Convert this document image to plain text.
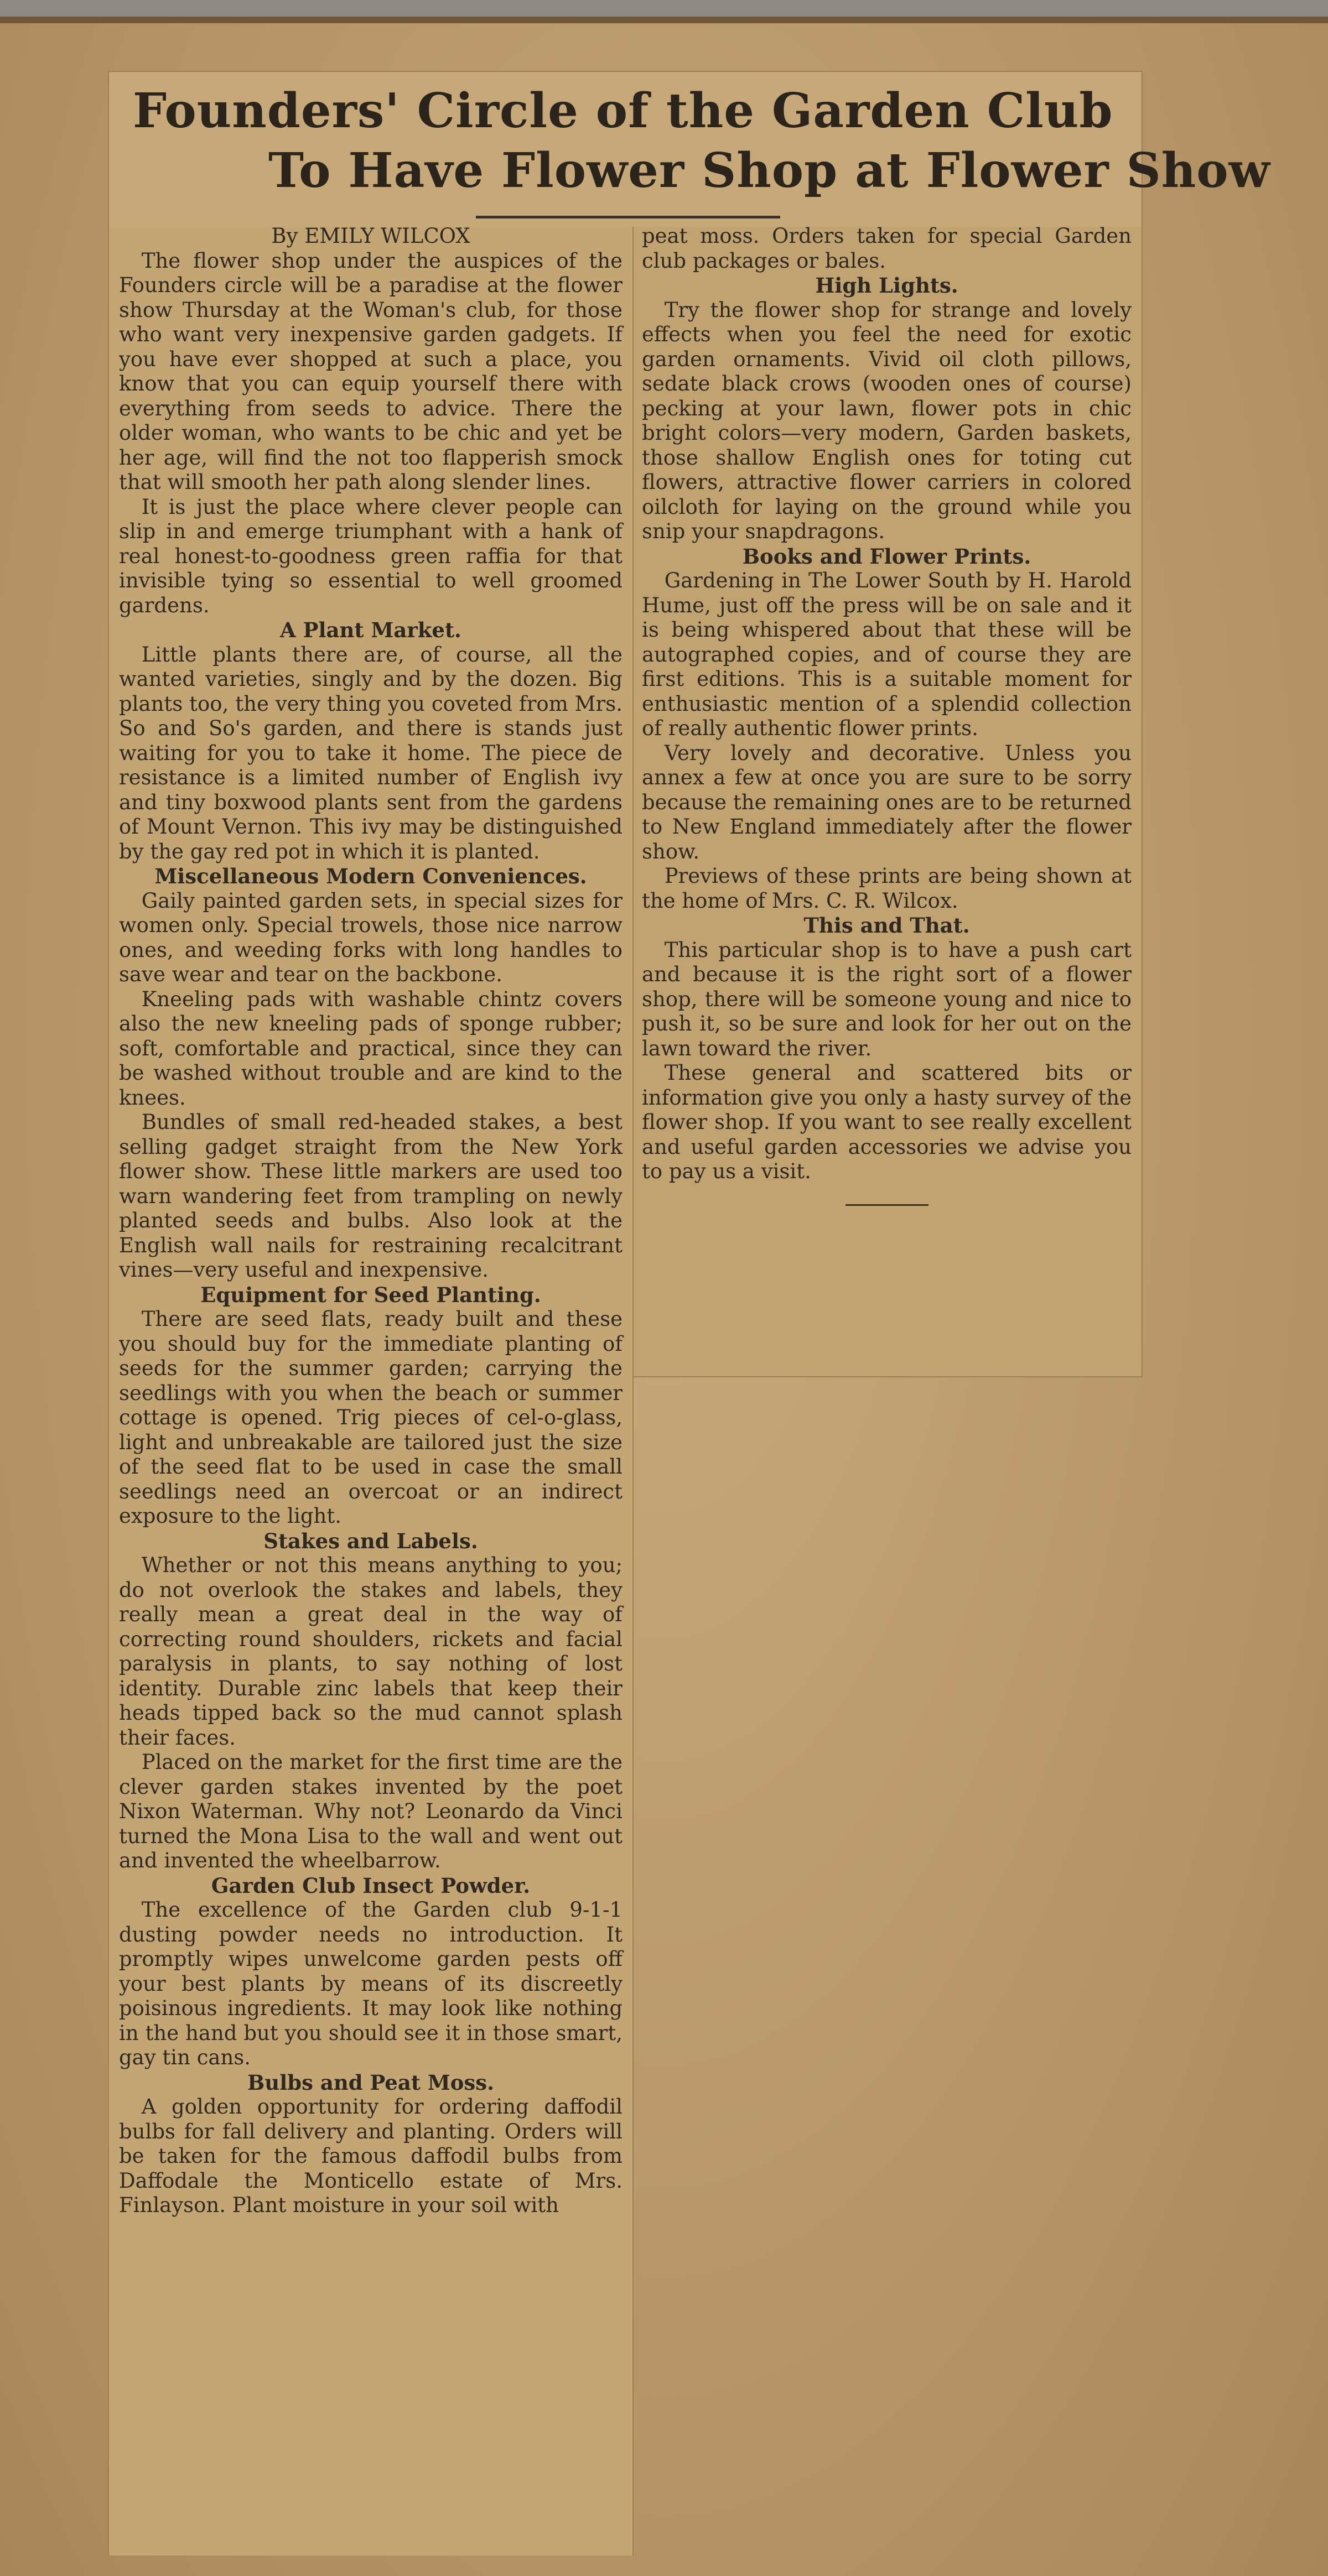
Founders' Circle of the Garden Club
To Have Flower Shop at Flower Show
By EMILY WILCOX

The flower shop under the auspices of the Founders circle will be a paradise at the flower show Thursday at the Woman's club, for those who want very inexpensive garden gadgets. If you have ever shopped at such a place, you know that you can equip yourself there with everything from seeds to advice. There the older woman, who wants to be chic and yet be her age, will find the not too flapperish smock that will smooth her path along slender lines.

It is just the place where clever people can slip in and emerge triumphant with a hank of real honest-to-goodness green raffia for that invisible tying so essential to well groomed gardens.

A Plant Market.

Little plants there are, of course, all the wanted varieties, singly and by the dozen. Big plants too, the very thing you coveted from Mrs. So and So's garden, and there is stands just waiting for you to take it home. The piece de resistance is a limited number of English ivy and tiny boxwood plants sent from the gardens of Mount Vernon. This ivy may be distinguished by the gay red pot in which it is planted.

Miscellaneous Modern Conveniences.

Gaily painted garden sets, in special sizes for women only. Special trowels, those nice narrow ones, and weeding forks with long handles to save wear and tear on the backbone.

Kneeling pads with washable chintz covers also the new kneeling pads of sponge rubber; soft, comfortable and practical, since they can be washed without trouble and are kind to the knees.

Bundles of small red-headed stakes, a best selling gadget straight from the New York flower show. These little markers are used too warn wandering feet from trampling on newly planted seeds and bulbs. Also look at the English wall nails for restraining recalcitrant vines—very useful and inexpensive.

Equipment for Seed Planting.

There are seed flats, ready built and these you should buy for the immediate planting of seeds for the summer garden; carrying the seedlings with you when the beach or summer cottage is opened. Trig pieces of cel-o-glass, light and unbreakable are tailored just the size of the seed flat to be used in case the small seedlings need an overcoat or an indirect exposure to the light.

Stakes and Labels.

Whether or not this means anything to you; do not overlook the stakes and labels, they really mean a great deal in the way of correcting round shoulders, rickets and facial paralysis in plants, to say nothing of lost identity. Durable zinc labels that keep their heads tipped back so the mud cannot splash their faces.

Placed on the market for the first time are the clever garden stakes invented by the poet Nixon Waterman. Why not? Leonardo da Vinci turned the Mona Lisa to the wall and went out and invented the wheelbarrow.

Garden Club Insect Powder.

The excellence of the Garden club 9-1-1 dusting powder needs no introduction. It promptly wipes unwelcome garden pests off your best plants by means of its discreetly poisinous ingredients. It may look like nothing in the hand but you should see it in those smart, gay tin cans.

Bulbs and Peat Moss.

A golden opportunity for ordering daffodil bulbs for fall delivery and planting. Orders will be taken for the famous daffodil bulbs from Daffodale the Monticello estate of Mrs. Finlayson. Plant moisture in your soil with

peat moss. Orders taken for special Garden club packages or bales.

High Lights.

Try the flower shop for strange and lovely effects when you feel the need for exotic garden ornaments. Vivid oil cloth pillows, sedate black crows (wooden ones of course) pecking at your lawn, flower pots in chic bright colors—very modern, Garden baskets, those shallow English ones for toting cut flowers, attractive flower carriers in colored oilcloth for laying on the ground while you snip your snapdragons.

Books and Flower Prints.

Gardening in The Lower South by H. Harold Hume, just off the press will be on sale and it is being whispered about that these will be autographed copies, and of course they are first editions. This is a suitable moment for enthusiastic mention of a splendid collection of really authentic flower prints.

Very lovely and decorative. Unless you annex a few at once you are sure to be sorry because the remaining ones are to be returned to New England immediately after the flower show.

Previews of these prints are being shown at the home of Mrs. C. R. Wilcox.

This and That.

This particular shop is to have a push cart and because it is the right sort of a flower shop, there will be someone young and nice to push it, so be sure and look for her out on the lawn toward the river.

These general and scattered bits or information give you only a hasty survey of the flower shop. If you want to see really excellent and useful garden accessories we advise you to pay us a visit.
